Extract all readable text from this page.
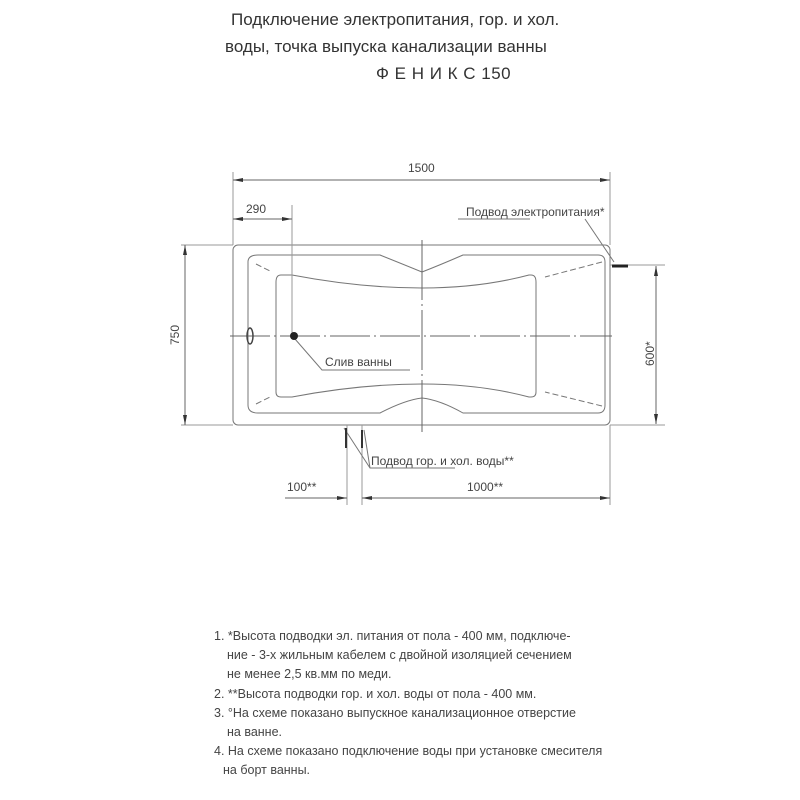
Подключение электропитания, гор. и хол.
воды, точка выпуска канализации ванны
Ф Е Н И К С 150
1500
290
750
600*
100**	1000**
Подвод электропитания*
Слив ванны
Подвод гор. и хол. воды**
1. *Высота подводки эл. питания от пола - 400 мм, подключе-
ние - 3-х жильным кабелем с двойной изоляцией сечением
не менее 2,5 кв.мм по меди.
2. **Высота подводки гор. и хол. воды от пола - 400 мм.
3. °На схеме показано выпускное канализационное отверстие
на ванне.
4. На схеме показано подключение воды при установке смесителя
на борт ванны.
